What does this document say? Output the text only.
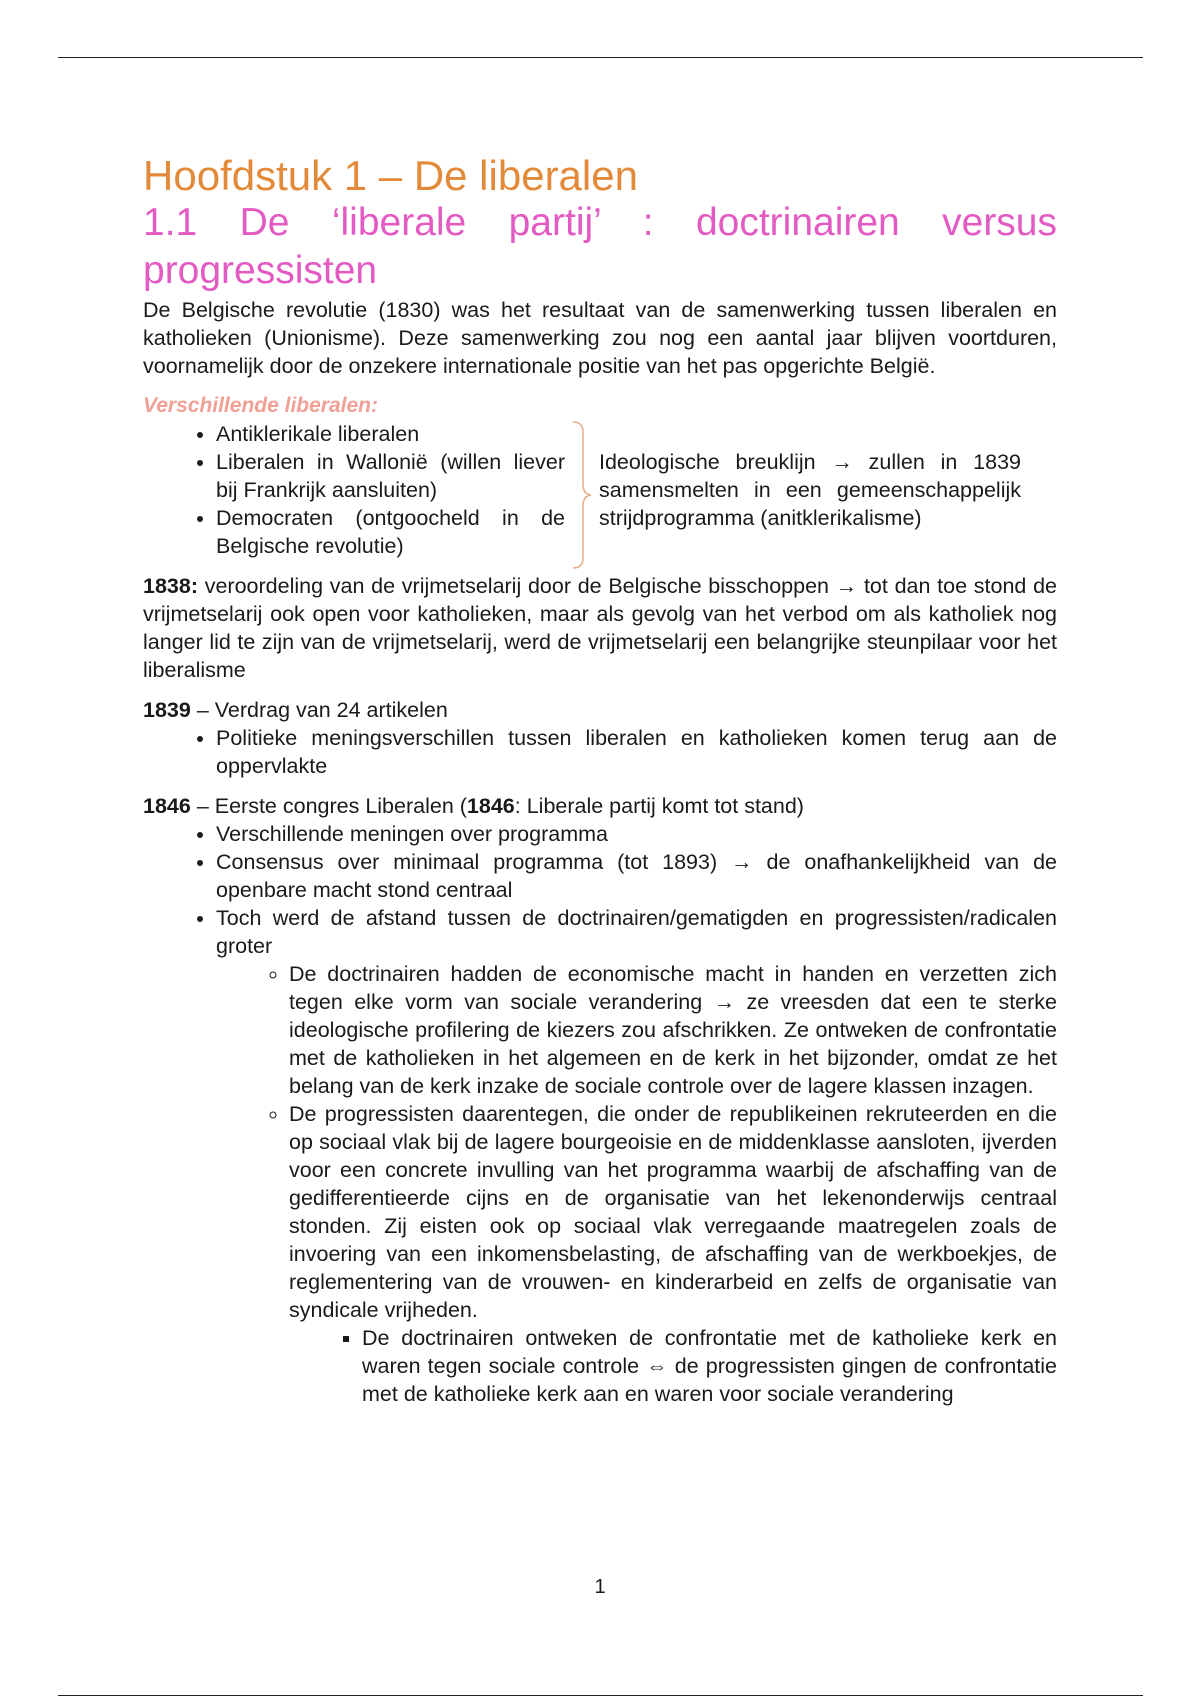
Hoofdstuk 1 – De liberalen
1.1 De ‘liberale partij’ : doctrinairen versus progressisten

De Belgische revolutie (1830) was het resultaat van de samenwerking tussen liberalen en katholieken (Unionisme). Deze samenwerking zou nog een aantal jaar blijven voortduren, voornamelijk door de onzekere internationale positie van het pas opgerichte België.

Verschillende liberalen:

• Antiklerikale liberalen
• Liberalen in Wallonië (willen liever bij Frankrijk aansluiten)
• Democraten (ontgoocheld in de Belgische revolutie)

Ideologische breuklijn → zullen in 1839 samensmelten in een gemeenschappelijk strijdprogramma (anitklerikalisme)

1838: veroordeling van de vrijmetselarij door de Belgische bisschoppen → tot dan toe stond de vrijmetselarij ook open voor katholieken, maar als gevolg van het verbod om als katholiek nog langer lid te zijn van de vrijmetselarij, werd de vrijmetselarij een belangrijke steunpilaar voor het liberalisme

1839 – Verdrag van 24 artikelen

• Politieke meningsverschillen tussen liberalen en katholieken komen terug aan de oppervlakte

1846 – Eerste congres Liberalen (1846: Liberale partij komt tot stand)

• Verschillende meningen over programma
• Consensus over minimaal programma (tot 1893) → de onafhankelijkheid van de openbare macht stond centraal
• Toch werd de afstand tussen de doctrinairen/gematigden en progressisten/radicalen groter
◦ De doctrinairen hadden de economische macht in handen en verzetten zich tegen elke vorm van sociale verandering → ze vreesden dat een te sterke ideologische profilering de kiezers zou afschrikken. Ze ontweken de confrontatie met de katholieken in het algemeen en de kerk in het bijzonder, omdat ze het belang van de kerk inzake de sociale controle over de lagere klassen inzagen.
◦ De progressisten daarentegen, die onder de republikeinen rekruteerden en die op sociaal vlak bij de lagere bourgeoisie en de middenklasse aansloten, ijverden voor een concrete invulling van het programma waarbij de afschaffing van de gedifferentieerde cijns en de organisatie van het lekenonderwijs centraal stonden. Zij eisten ook op sociaal vlak verregaande maatregelen zoals de invoering van een inkomensbelasting, de afschaffing van de werkboekjes, de reglementering van de vrouwen- en kinderarbeid en zelfs de organisatie van syndicale vrijheden.
▪ De doctrinairen ontweken de confrontatie met de katholieke kerk en waren tegen sociale controle ⇔ de progressisten gingen de confrontatie met de katholieke kerk aan en waren voor sociale verandering
1
